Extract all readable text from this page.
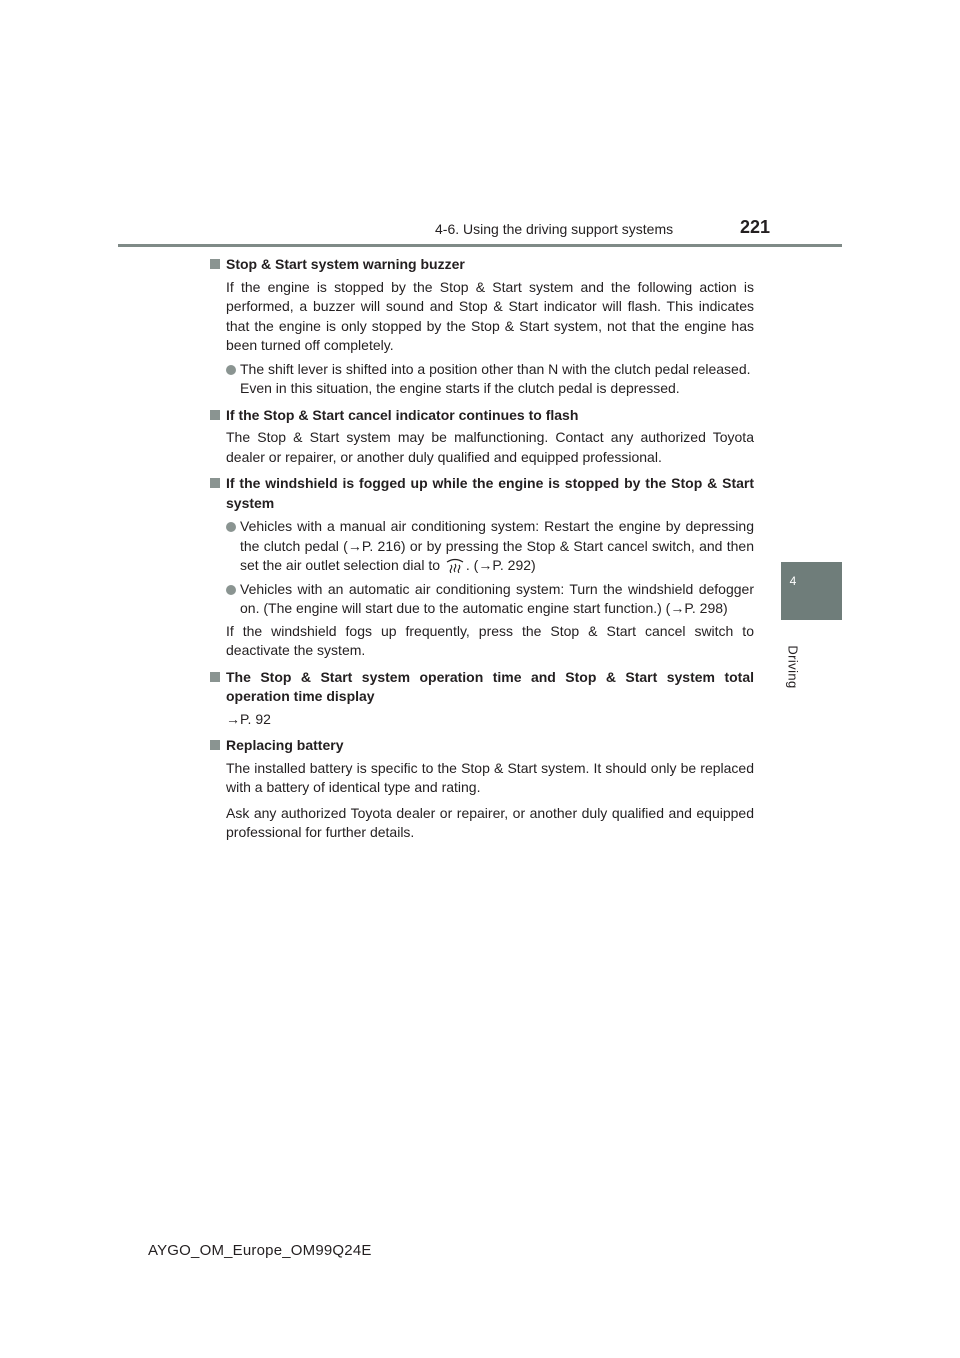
4-6. Using the driving support systems	221
4
Driving
Stop & Start system warning buzzer
If the engine is stopped by the Stop & Start system and the following action is performed, a buzzer will sound and Stop & Start indicator will flash. This indicates that the engine is only stopped by the Stop & Start system, not that the engine has been turned off completely.
The shift lever is shifted into a position other than N with the clutch pedal released.
Even in this situation, the engine starts if the clutch pedal is depressed.
If the Stop & Start cancel indicator continues to flash
The Stop & Start system may be malfunctioning. Contact any authorized Toyota dealer or repairer, or another duly qualified and equipped professional.
If the windshield is fogged up while the engine is stopped by the Stop & Start system
Vehicles with a manual air conditioning system: Restart the engine by depressing the clutch pedal (→P. 216) or by pressing the Stop & Start cancel switch, and then set the air outlet selection dial to . (→P. 292)
Vehicles with an automatic air conditioning system: Turn the windshield defogger on. (The engine will start due to the automatic engine start function.) (→P. 298)
If the windshield fogs up frequently, press the Stop & Start cancel switch to deactivate the system.
The Stop & Start system operation time and Stop & Start system total operation time display
→P. 92
Replacing battery
The installed battery is specific to the Stop & Start system. It should only be replaced with a battery of identical type and rating.
Ask any authorized Toyota dealer or repairer, or another duly qualified and equipped professional for further details.
AYGO_OM_Europe_OM99Q24E
